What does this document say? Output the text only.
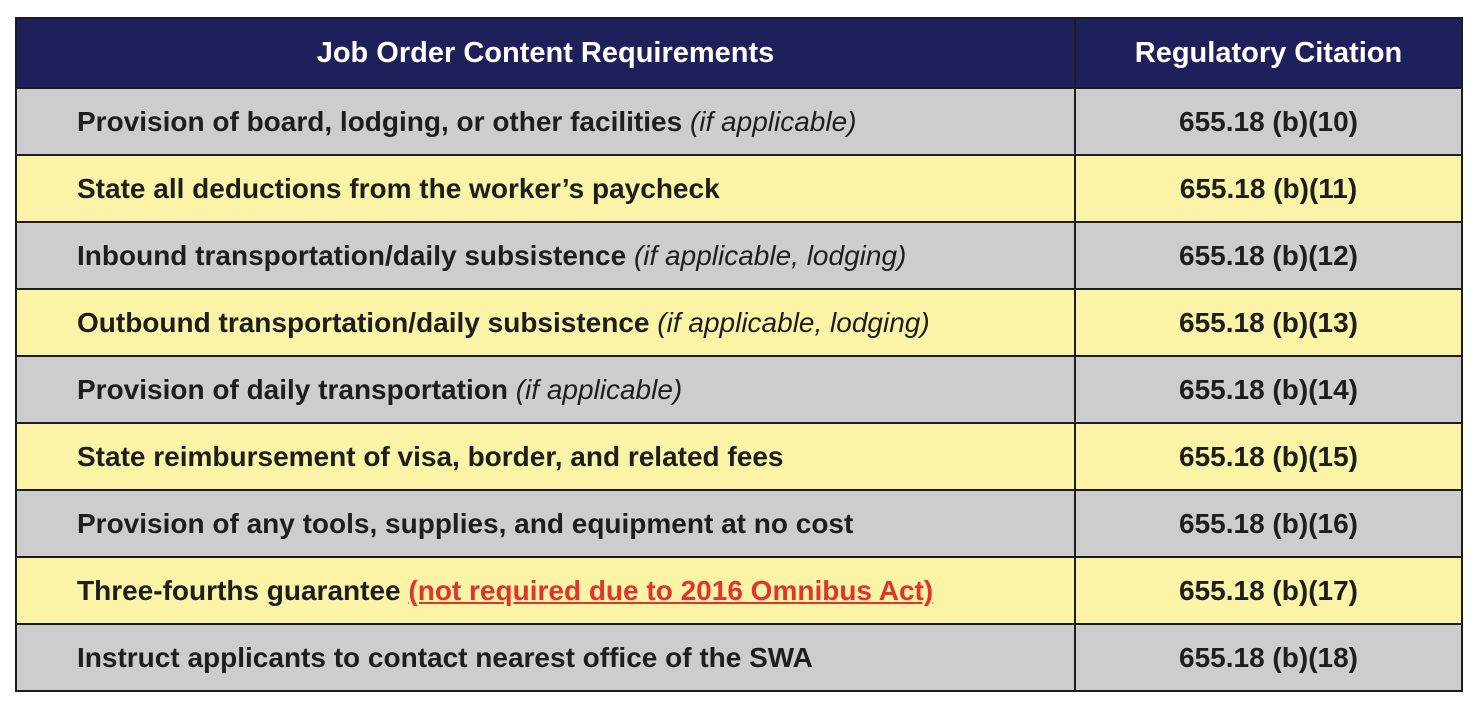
Job Order Content Requirements	Regulatory Citation
Provision of board, lodging, or other facilities (if applicable)	655.18 (b)(10)
State all deductions from the worker’s paycheck	655.18 (b)(11)
Inbound transportation/daily subsistence (if applicable, lodging)	655.18 (b)(12)
Outbound transportation/daily subsistence (if applicable, lodging)	655.18 (b)(13)
Provision of daily transportation (if applicable)	655.18 (b)(14)
State reimbursement of visa, border, and related fees	655.18 (b)(15)
Provision of any tools, supplies, and equipment at no cost	655.18 (b)(16)
Three-fourths guarantee (not required due to 2016 Omnibus Act)	655.18 (b)(17)
Instruct applicants to contact nearest office of the SWA	655.18 (b)(18)
